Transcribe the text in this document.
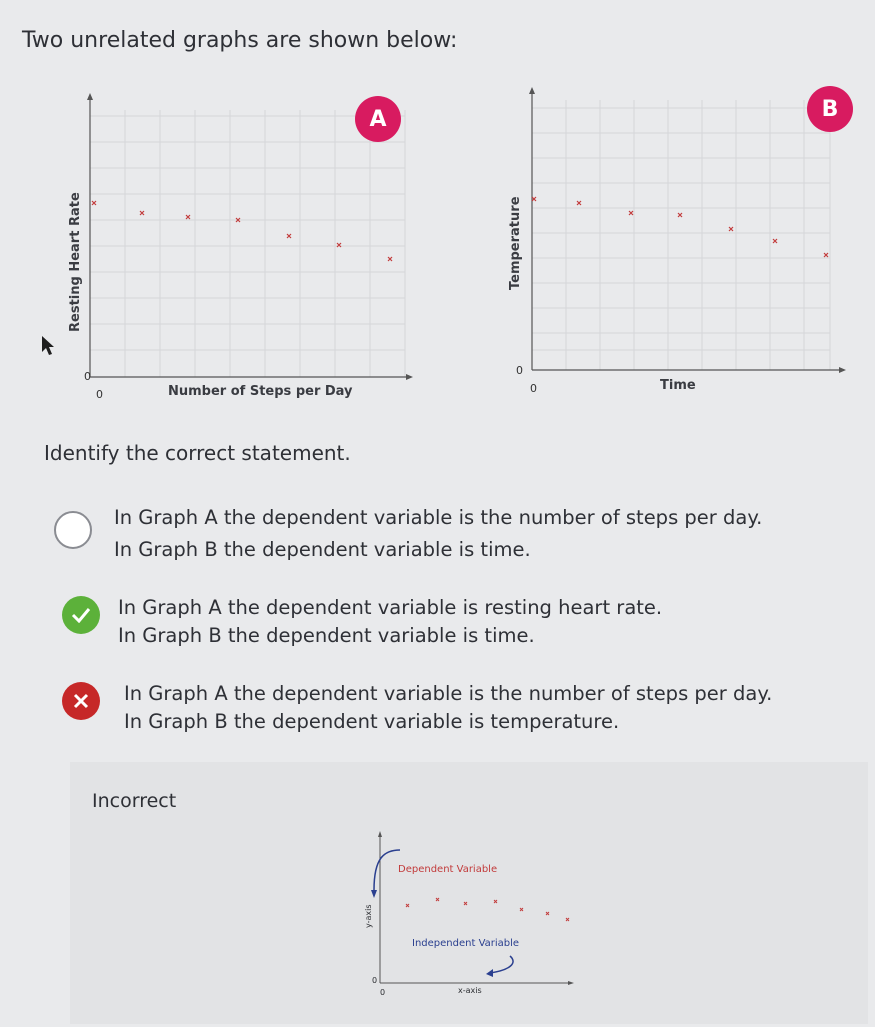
Two unrelated graphs are shown below:
A
Resting Heart Rate
Number of Steps per Day
0
0
B
Temperature
Time
0
0
Identify the correct statement.
In Graph A the dependent variable is the number of steps per day.
In Graph B the dependent variable is time.
In Graph A the dependent variable is resting heart rate.
In Graph B the dependent variable is time.
In Graph A the dependent variable is the number of steps per day.
In Graph B the dependent variable is temperature.
Incorrect
Dependent Variable
Independent Variable
y-axis
x-axis
0
0
